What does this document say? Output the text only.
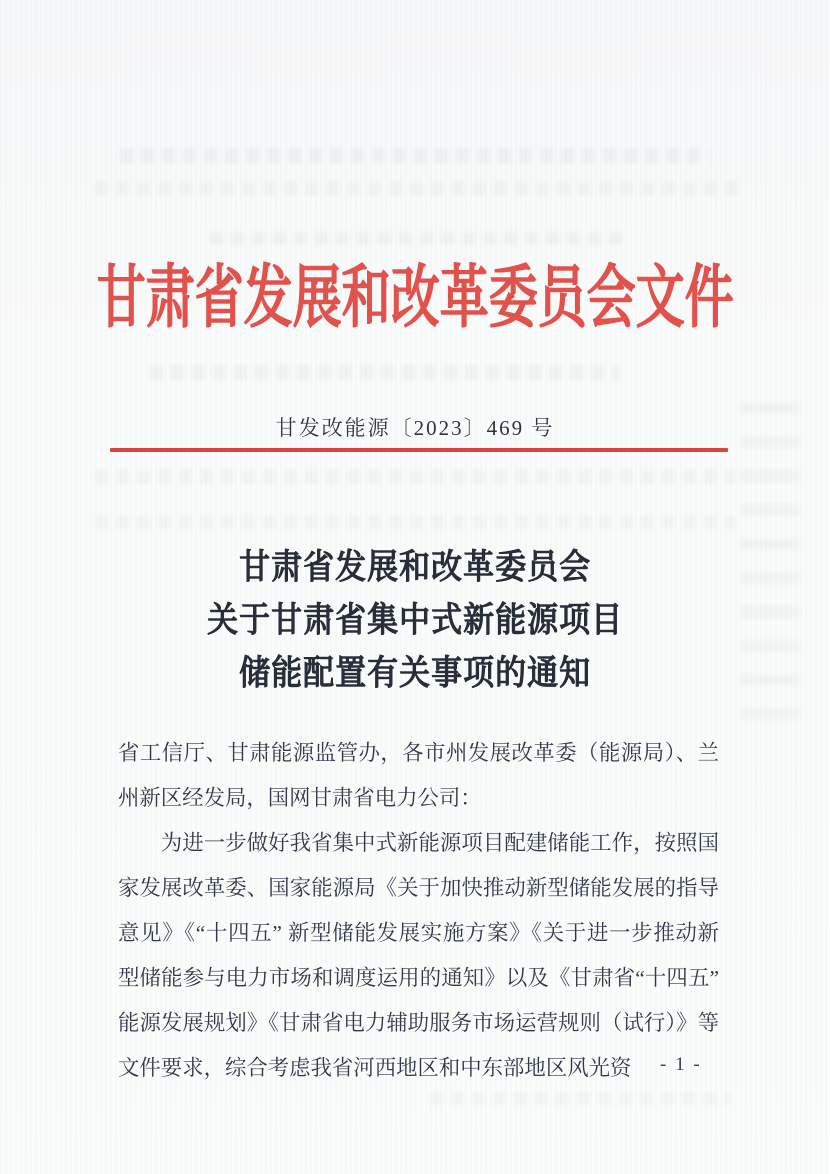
甘肃省发展和改革委员会文件
甘发改能源〔2023〕469 号
甘肃省发展和改革委员会
关于甘肃省集中式新能源项目
储能配置有关事项的通知

省工信厅、甘肃能源监管办，各市州发展改革委（能源局）、兰州新区经发局，国网甘肃省电力公司：

为进一步做好我省集中式新能源项目配建储能工作，按照国家发展改革委、国家能源局《关于加快推动新型储能发展的指导意见》《“十四五” 新型储能发展实施方案》《关于进一步推动新型储能参与电力市场和调度运用的通知》以及《甘肃省“十四五” 能源发展规划》《甘肃省电力辅助服务市场运营规则（试行）》等文件要求，综合考虑我省河西地区和中东部地区风光资	- 1 -
